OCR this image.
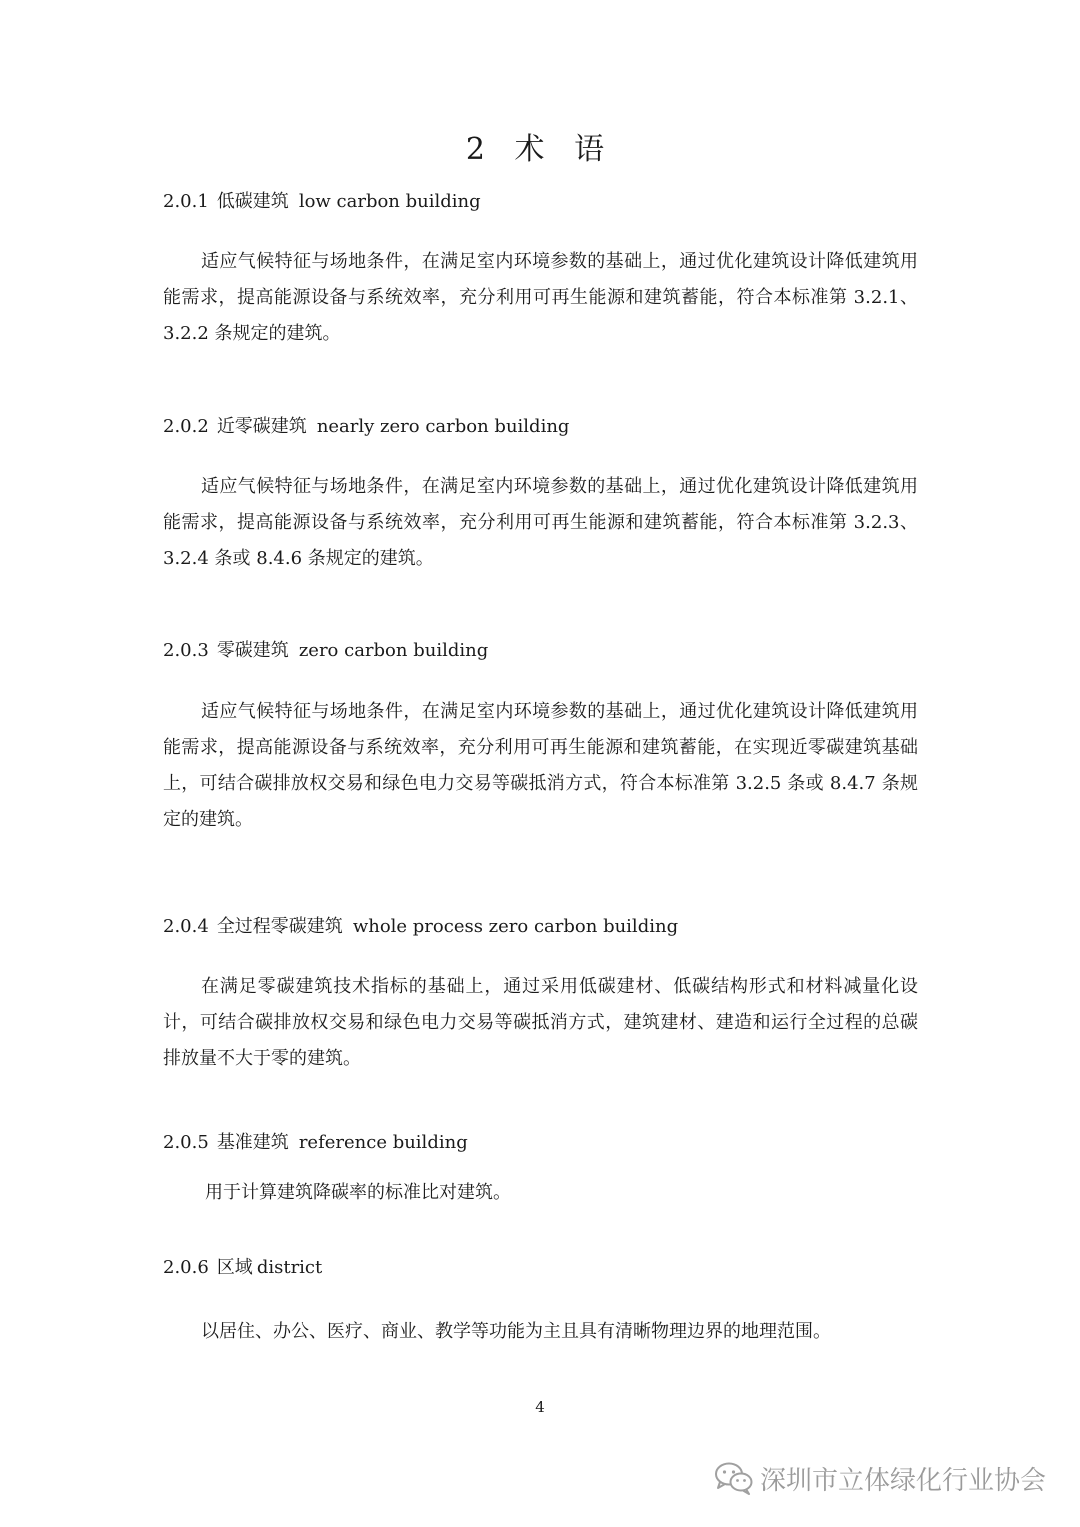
2 术 语
2.0.1 低碳建筑 low carbon building

适应气候特征与场地条件，在满足室内环境参数的基础上，通过优化建筑设计降低建筑用能需求，提高能源设备与系统效率，充分利用可再生能源和建筑蓄能，符合本标准第 3.2.1、3.2.2 条规定的建筑。

2.0.2 近零碳建筑 nearly zero carbon building

适应气候特征与场地条件，在满足室内环境参数的基础上，通过优化建筑设计降低建筑用能需求，提高能源设备与系统效率，充分利用可再生能源和建筑蓄能，符合本标准第 3.2.3、3.2.4 条或 8.4.6 条规定的建筑。

2.0.3 零碳建筑 zero carbon building

适应气候特征与场地条件，在满足室内环境参数的基础上，通过优化建筑设计降低建筑用能需求，提高能源设备与系统效率，充分利用可再生能源和建筑蓄能，在实现近零碳建筑基础上，可结合碳排放权交易和绿色电力交易等碳抵消方式，符合本标准第 3.2.5 条或 8.4.7 条规定的建筑。

2.0.4 全过程零碳建筑 whole process zero carbon building

在满足零碳建筑技术指标的基础上，通过采用低碳建材、低碳结构形式和材料减量化设计，可结合碳排放权交易和绿色电力交易等碳抵消方式，建筑建材、建造和运行全过程的总碳排放量不大于零的建筑。

2.0.5 基准建筑 reference building

用于计算建筑降碳率的标准比对建筑。

2.0.6 区域 district

以居住、办公、医疗、商业、教学等功能为主且具有清晰物理边界的地理范围。

4
深圳市立体绿化行业协会
